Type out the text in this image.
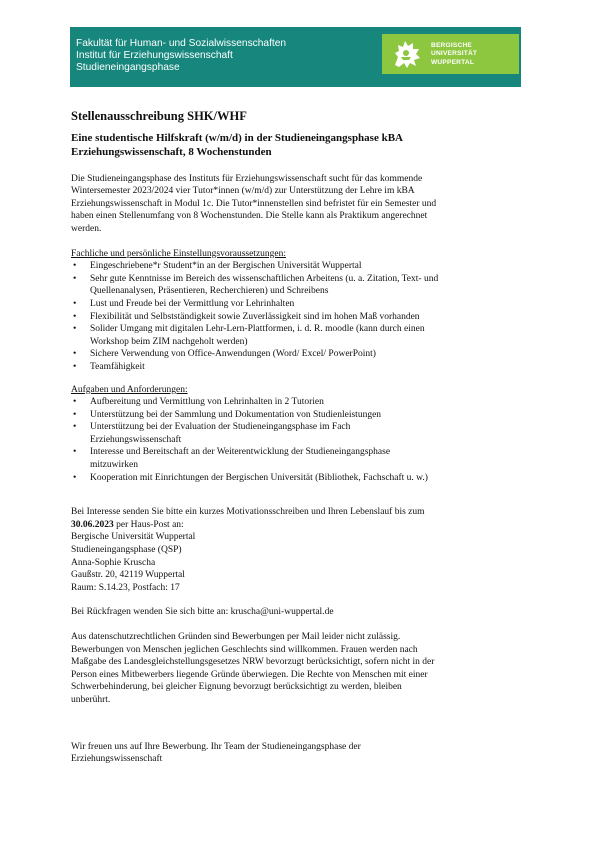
Fakultät für Human- und Sozialwissenschaften
Institut für Erziehungswissenschaft
Studieneingangsphase
BERGISCHE
UNIVERSITÄT
WUPPERTAL
Stellenausschreibung SHK/WHF
Eine studentische Hilfskraft (w/m/d) in der Studieneingangsphase kBA
Erziehungswissenschaft, 8 Wochenstunden
Die Studieneingangsphase des Instituts für Erziehungswissenschaft sucht für das kommende
Wintersemester 2023/2024 vier Tutor*innen (w/m/d) zur Unterstützung der Lehre im kBA
Erziehungswissenschaft in Modul 1c. Die Tutor*innenstellen sind befristet für ein Semester und
haben einen Stellenumfang von 8 Wochenstunden. Die Stelle kann als Praktikum angerechnet
werden.
Fachliche und persönliche Einstellungsvoraussetzungen:
• Eingeschriebene*r Student*in an der Bergischen Universität Wuppertal
• Sehr gute Kenntnisse im Bereich des wissenschaftlichen Arbeitens (u. a. Zitation, Text- und
Quellenanalysen, Präsentieren, Recherchieren) und Schreibens
• Lust und Freude bei der Vermittlung vor Lehrinhalten
• Flexibilität und Selbstständigkeit sowie Zuverlässigkeit sind im hohen Maß vorhanden
• Solider Umgang mit digitalen Lehr-Lern-Plattformen, i. d. R. moodle (kann durch einen
Workshop beim ZIM nachgeholt werden)
• Sichere Verwendung von Office-Anwendungen (Word/ Excel/ PowerPoint)
• Teamfähigkeit
Aufgaben und Anforderungen:
• Aufbereitung und Vermittlung von Lehrinhalten in 2 Tutorien
• Unterstützung bei der Sammlung und Dokumentation von Studienleistungen
• Unterstützung bei der Evaluation der Studieneingangsphase im Fach
Erziehungswissenschaft
• Interesse und Bereitschaft an der Weiterentwicklung der Studieneingangsphase
mitzuwirken
• Kooperation mit Einrichtungen der Bergischen Universität (Bibliothek, Fachschaft u. w.)
Bei Interesse senden Sie bitte ein kurzes Motivationsschreiben und Ihren Lebenslauf bis zum
30.06.2023 per Haus-Post an:
Bergische Universität Wuppertal
Studieneingangsphase (QSP)
Anna-Sophie Kruscha
Gaußstr. 20, 42119 Wuppertal
Raum: S.14.23, Postfach: 17
Bei Rückfragen wenden Sie sich bitte an: kruscha@uni-wuppertal.de
Aus datenschutzrechtlichen Gründen sind Bewerbungen per Mail leider nicht zulässig.
Bewerbungen von Menschen jeglichen Geschlechts sind willkommen. Frauen werden nach
Maßgabe des Landesgleichstellungsgesetzes NRW bevorzugt berücksichtigt, sofern nicht in der
Person eines Mitbewerbers liegende Gründe überwiegen. Die Rechte von Menschen mit einer
Schwerbehinderung, bei gleicher Eignung bevorzugt berücksichtigt zu werden, bleiben
unberührt.
Wir freuen uns auf Ihre Bewerbung. Ihr Team der Studieneingangsphase der
Erziehungswissenschaft
